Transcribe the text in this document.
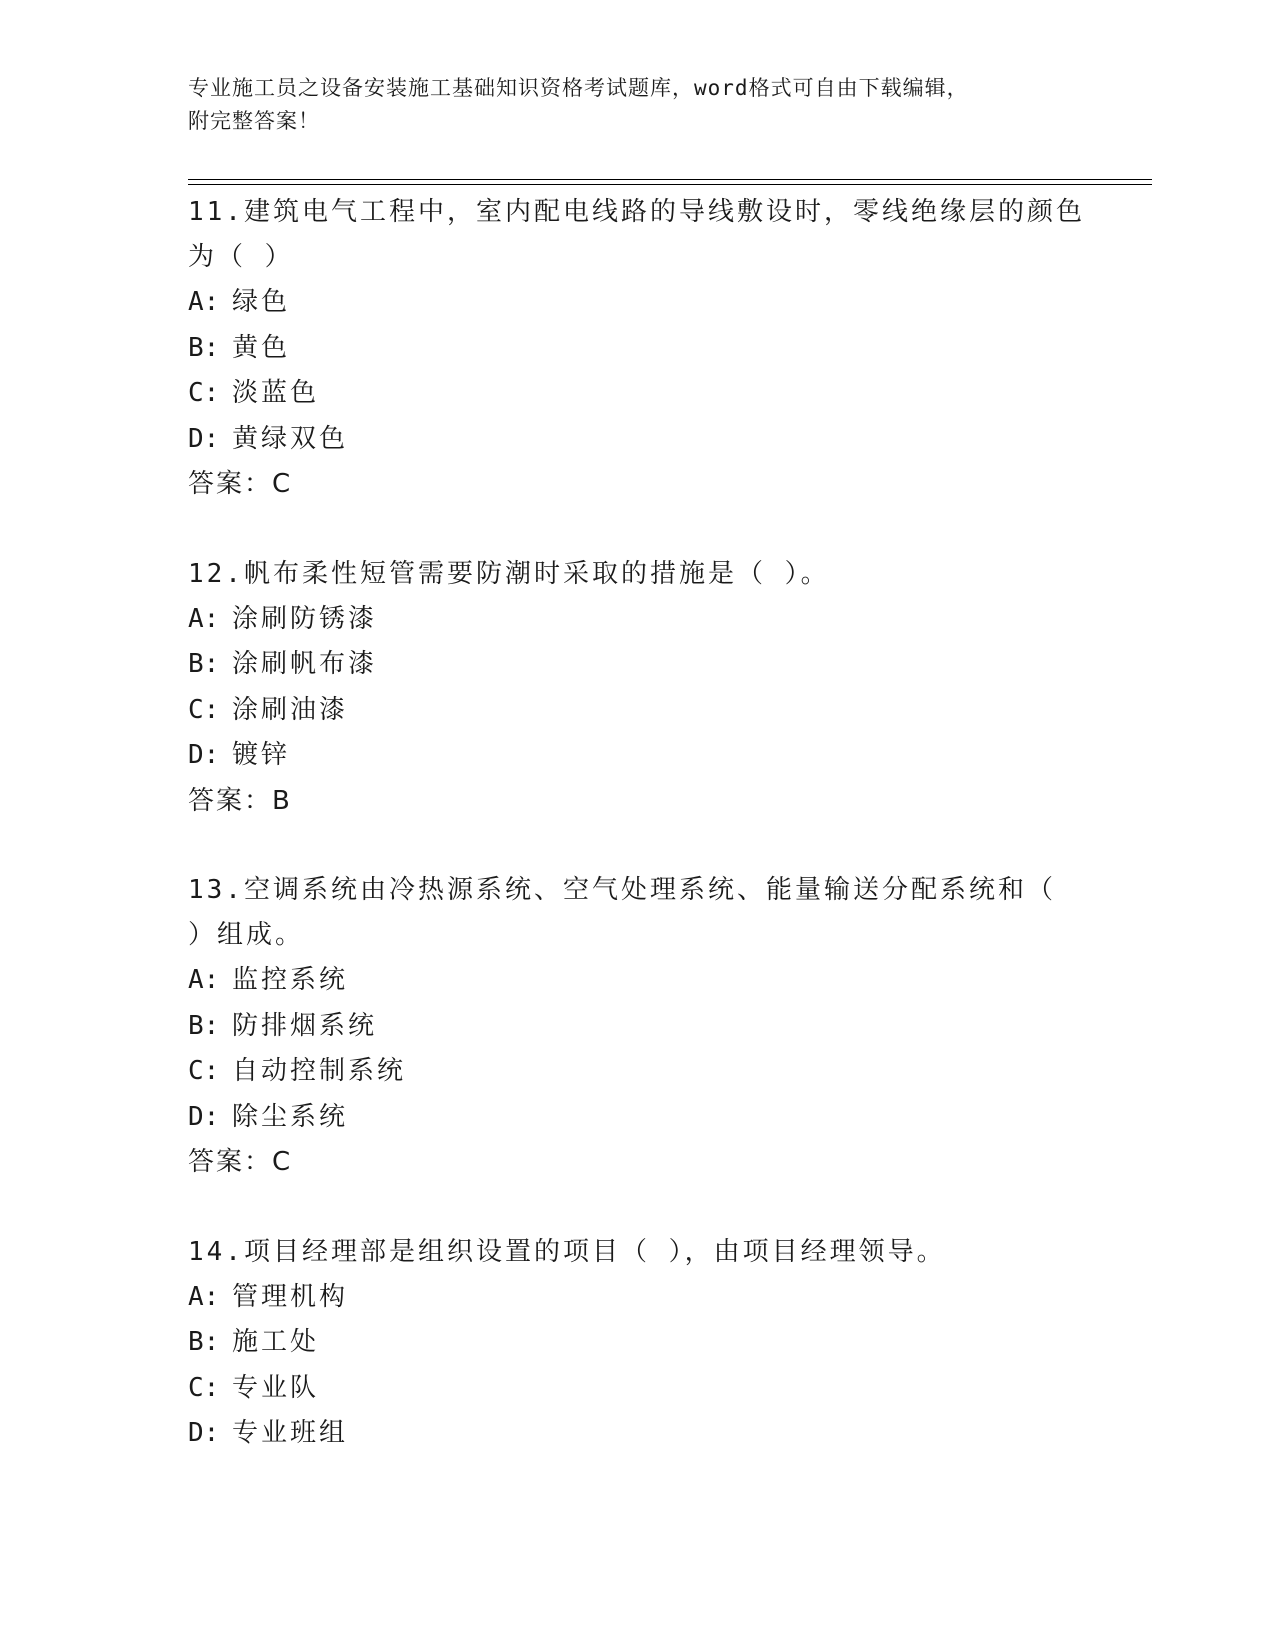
专业施工员之设备安装施工基础知识资格考试题库，word格式可自由下载编辑，
附完整答案！

11.建筑电气工程中，室内配电线路的导线敷设时，零线绝缘层的颜色

为（ ）

A: 绿色

B: 黄色

C: 淡蓝色

D: 黄绿双色

答案：C

12.帆布柔性短管需要防潮时采取的措施是（ ）。

A: 涂刷防锈漆

B: 涂刷帆布漆

C: 涂刷油漆

D: 镀锌

答案：B

13.空调系统由冷热源系统、空气处理系统、能量输送分配系统和（

）组成。

A: 监控系统

B: 防排烟系统

C: 自动控制系统

D: 除尘系统

答案：C

14.项目经理部是组织设置的项目（ ），由项目经理领导。

A: 管理机构

B: 施工处

C: 专业队

D: 专业班组
